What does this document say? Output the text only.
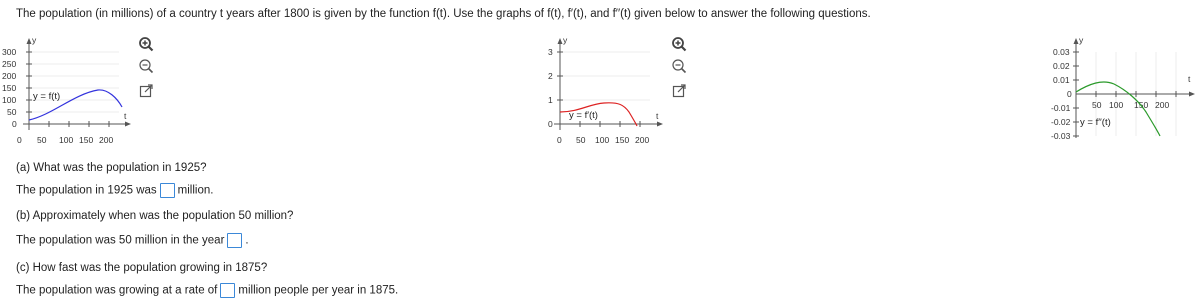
The population (in millions) of a country t years after 1800 is given by the function f(t). Use the graphs of f(t), f′(t), and f′′(t) given below to answer the following questions.
y
t
300
250
200
150
100
50
0
0 50 100 150 200
y = f(t)
y
t
3
2
1
0
0 50 100 150 200
y = f′(t)
y
t
0.03
0.02
0.01
0
-0.01
-0.02
-0.03
50 100 150 200
y = f′′(t)
(a) What was the population in 1925?
The population in 1925 was million.
(b) Approximately when was the population 50 million?
The population was 50 million in the year .
(c) How fast was the population growing in 1875?
The population was growing at a rate of million people per year in 1875.
